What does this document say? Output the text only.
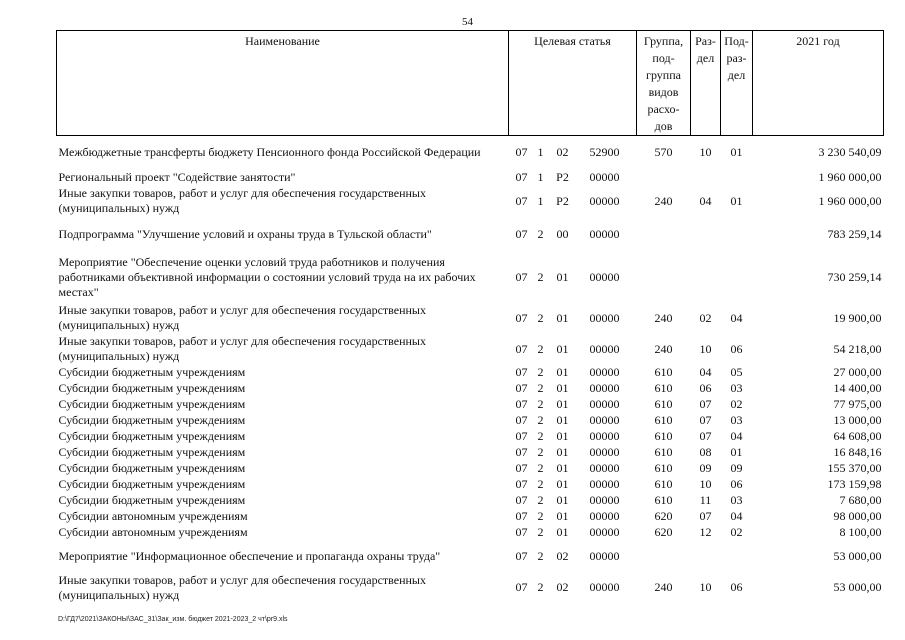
54
Наименование	Целевая статья	Группа, под- группа видов расхо- дов	Раз- дел	Под- раз- дел	2021 год
Межбюджетные трансферты бюджету Пенсионного фонда Российской Федерации	07 1 02 52900	570	10	01	3 230 540,09
Региональный проект "Содействие занятости"	07 1 P2 00000				1 960 000,00
Иные закупки товаров, работ и услуг для обеспечения государственных (муниципальных) нужд	07 1 P2 00000	240	04	01	1 960 000,00
Подпрограмма "Улучшение условий и охраны труда в Тульской области"	07 2 00 00000				783 259,14
Мероприятие "Обеспечение оценки условий труда работников и получения работниками объективной информации о состоянии условий труда на их рабочих местах"	07 2 01 00000				730 259,14
Иные закупки товаров, работ и услуг для обеспечения государственных (муниципальных) нужд	07 2 01 00000	240	02	04	19 900,00
Иные закупки товаров, работ и услуг для обеспечения государственных (муниципальных) нужд	07 2 01 00000	240	10	06	54 218,00
Субсидии бюджетным учреждениям	07 2 01 00000	610	04	05	27 000,00
Субсидии бюджетным учреждениям	07 2 01 00000	610	06	03	14 400,00
Субсидии бюджетным учреждениям	07 2 01 00000	610	07	02	77 975,00
Субсидии бюджетным учреждениям	07 2 01 00000	610	07	03	13 000,00
Субсидии бюджетным учреждениям	07 2 01 00000	610	07	04	64 608,00
Субсидии бюджетным учреждениям	07 2 01 00000	610	08	01	16 848,16
Субсидии бюджетным учреждениям	07 2 01 00000	610	09	09	155 370,00
Субсидии бюджетным учреждениям	07 2 01 00000	610	10	06	173 159,98
Субсидии бюджетным учреждениям	07 2 01 00000	610	11	03	7 680,00
Субсидии автономным учреждениям	07 2 01 00000	620	07	04	98 000,00
Субсидии автономным учреждениям	07 2 01 00000	620	12	02	8 100,00
Мероприятие "Информационное обеспечение и пропаганда охраны труда"	07 2 02 00000				53 000,00
Иные закупки товаров, работ и услуг для обеспечения государственных (муниципальных) нужд	07 2 02 00000	240	10	06	53 000,00
D:\ГД7\2021\ЗАКОНЫ\ЗАС_31\Зак_изм. бюджет 2021-2023_2 чт\pr9.xls
